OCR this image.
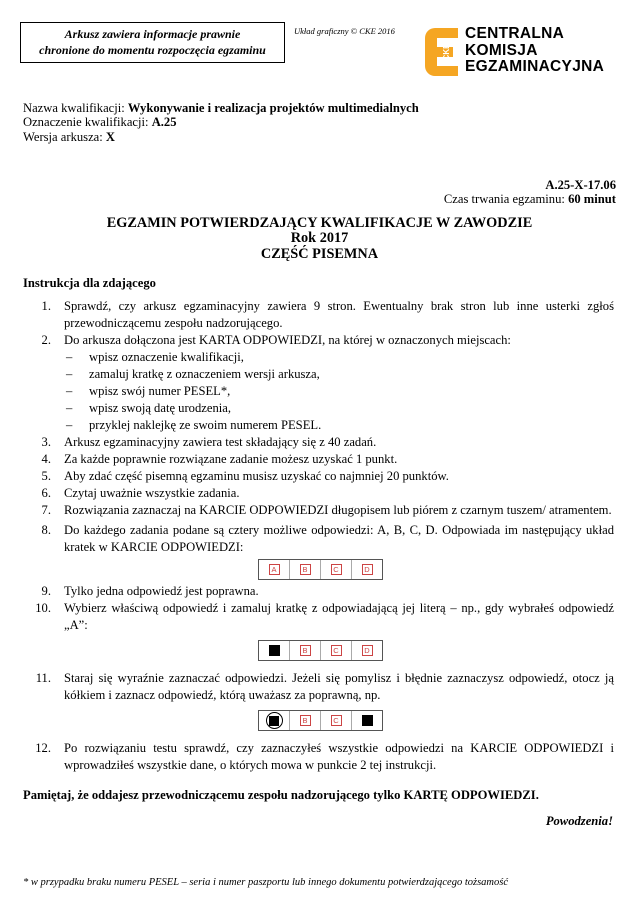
Arkusz zawiera informacje prawnie
chronione do momentu rozpoczęcia egzaminu
Układ graficzny © CKE 2016
CKE
CENTRALNA
KOMISJA
EGZAMINACYJNA
Nazwa kwalifikacji: Wykonywanie i realizacja projektów multimedialnych
Oznaczenie kwalifikacji: A.25
Wersja arkusza: X
A.25-X-17.06
Czas trwania egzaminu: 60 minut
EGZAMIN POTWIERDZAJĄCY KWALIFIKACJE W ZAWODZIE
Rok 2017
CZĘŚĆ PISEMNA
Instrukcja dla zdającego
1. Sprawdź, czy arkusz egzaminacyjny zawiera 9 stron. Ewentualny brak stron lub inne usterki zgłoś przewodniczącemu zespołu nadzorującego.
2. Do arkusza dołączona jest KARTA ODPOWIEDZI, na której w oznaczonych miejscach:
– wpisz oznaczenie kwalifikacji,
– zamaluj kratkę z oznaczeniem wersji arkusza,
– wpisz swój numer PESEL*,
– wpisz swoją datę urodzenia,
– przyklej naklejkę ze swoim numerem PESEL.
3. Arkusz egzaminacyjny zawiera test składający się z 40 zadań.
4. Za każde poprawnie rozwiązane zadanie możesz uzyskać 1 punkt.
5. Aby zdać część pisemną egzaminu musisz uzyskać co najmniej 20 punktów.
6. Czytaj uważnie wszystkie zadania.
7. Rozwiązania zaznaczaj na KARCIE ODPOWIEDZI długopisem lub piórem z czarnym tuszem/ atramentem.
8. Do każdego zadania podane są cztery możliwe odpowiedzi: A, B, C, D. Odpowiada im następujący układ kratek w KARCIE ODPOWIEDZI:
A	B	C	D
9. Tylko jedna odpowiedź jest poprawna.
10. Wybierz właściwą odpowiedź i zamaluj kratkę z odpowiadającą jej literą – np., gdy wybrałeś odpowiedź „A”:
B	C	D
11. Staraj się wyraźnie zaznaczać odpowiedzi. Jeżeli się pomylisz i błędnie zaznaczysz odpowiedź, otocz ją kółkiem i zaznacz odpowiedź, którą uważasz za poprawną, np.
B	C
12. Po rozwiązaniu testu sprawdź, czy zaznaczyłeś wszystkie odpowiedzi na KARCIE ODPOWIEDZI i wprowadziłeś wszystkie dane, o których mowa w punkcie 2 tej instrukcji.
Pamiętaj, że oddajesz przewodniczącemu zespołu nadzorującego tylko KARTĘ ODPOWIEDZI.
Powodzenia!
* w przypadku braku numeru PESEL – seria i numer paszportu lub innego dokumentu potwierdzającego tożsamość
